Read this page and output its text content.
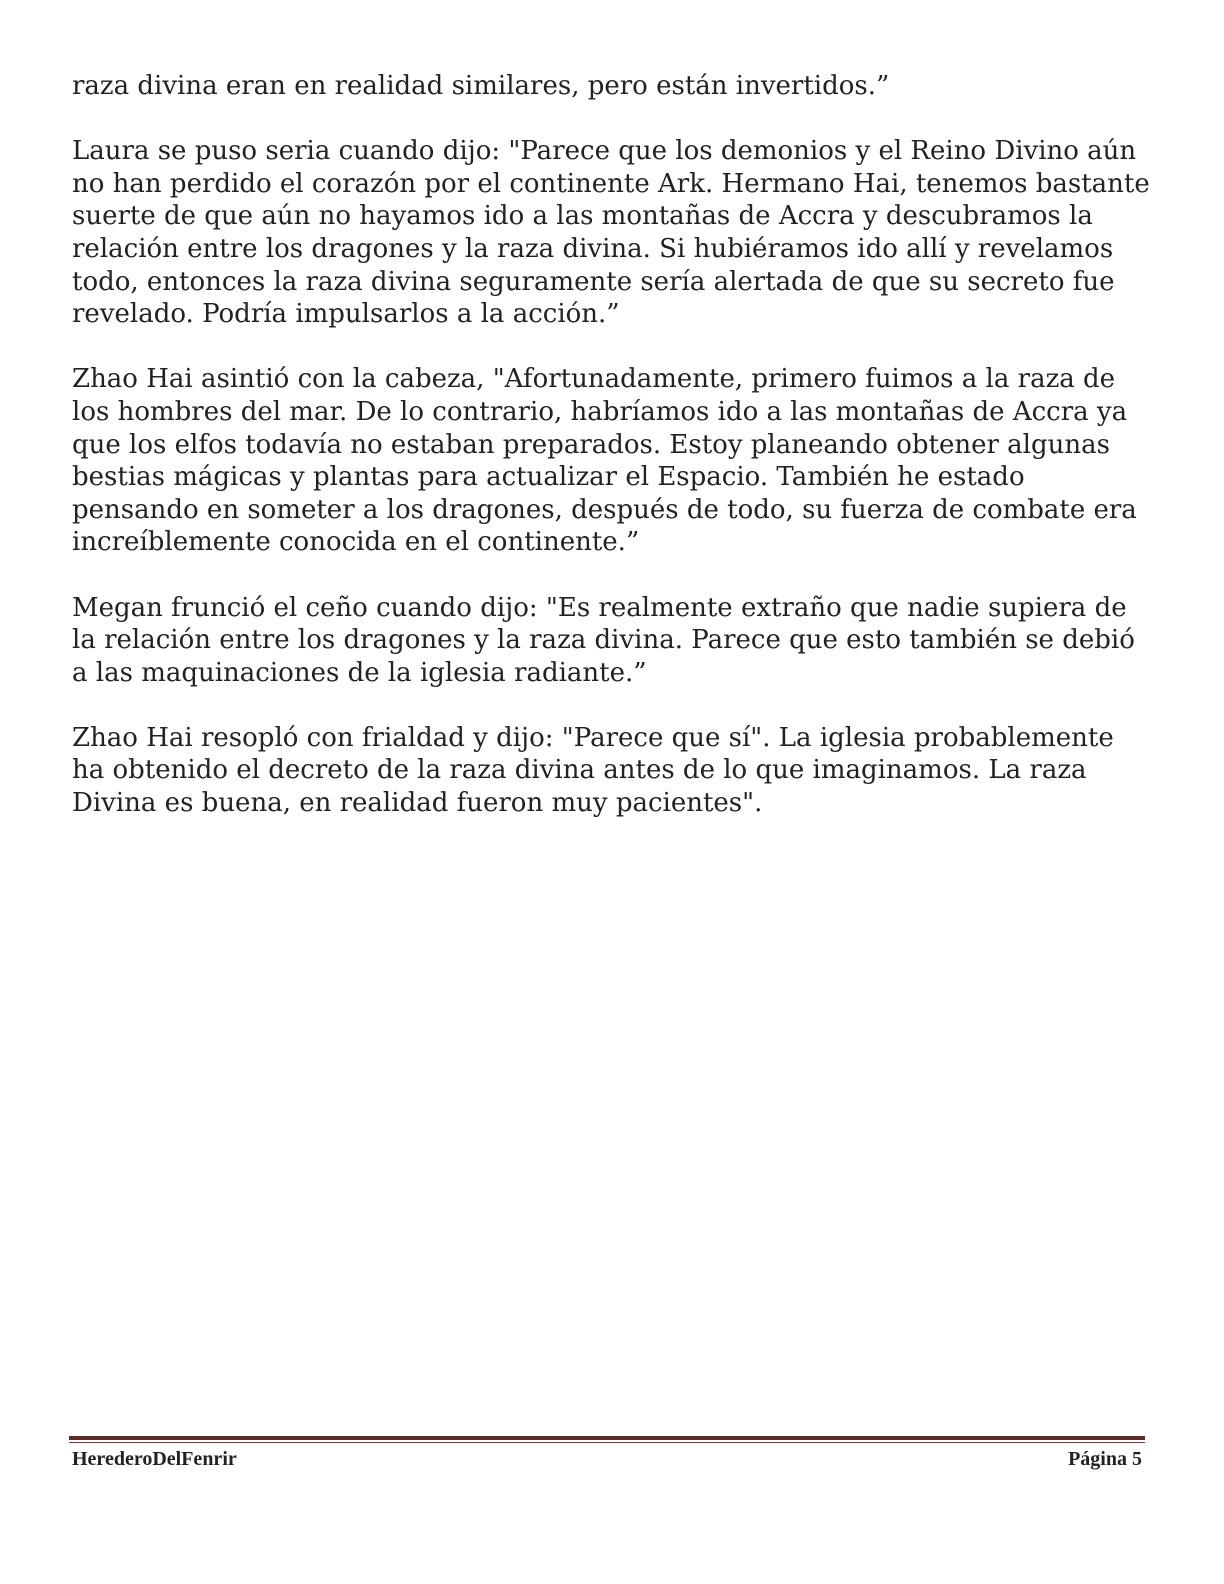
raza divina eran en realidad similares, pero están invertidos.”

Laura se puso seria cuando dijo: "Parece que los demonios y el Reino Divino aún no han perdido el corazón por el continente Ark. Hermano Hai, tenemos bastante suerte de que aún no hayamos ido a las montañas de Accra y descubramos la relación entre los dragones y la raza divina. Si hubiéramos ido allí y revelamos todo, entonces la raza divina seguramente sería alertada de que su secreto fue revelado. Podría impulsarlos a la acción.”

Zhao Hai asintió con la cabeza, "Afortunadamente, primero fuimos a la raza de los hombres del mar. De lo contrario, habríamos ido a las montañas de Accra ya que los elfos todavía no estaban preparados. Estoy planeando obtener algunas bestias mágicas y plantas para actualizar el Espacio. También he estado pensando en someter a los dragones, después de todo, su fuerza de combate era increíblemente conocida en el continente.”

Megan frunció el ceño cuando dijo: "Es realmente extraño que nadie supiera de la relación entre los dragones y la raza divina. Parece que esto también se debió a las maquinaciones de la iglesia radiante.”

Zhao Hai resopló con frialdad y dijo: "Parece que sí". La iglesia probablemente ha obtenido el decreto de la raza divina antes de lo que imaginamos. La raza Divina es buena, en realidad fueron muy pacientes".

HerederoDelFenrir	Página 5
